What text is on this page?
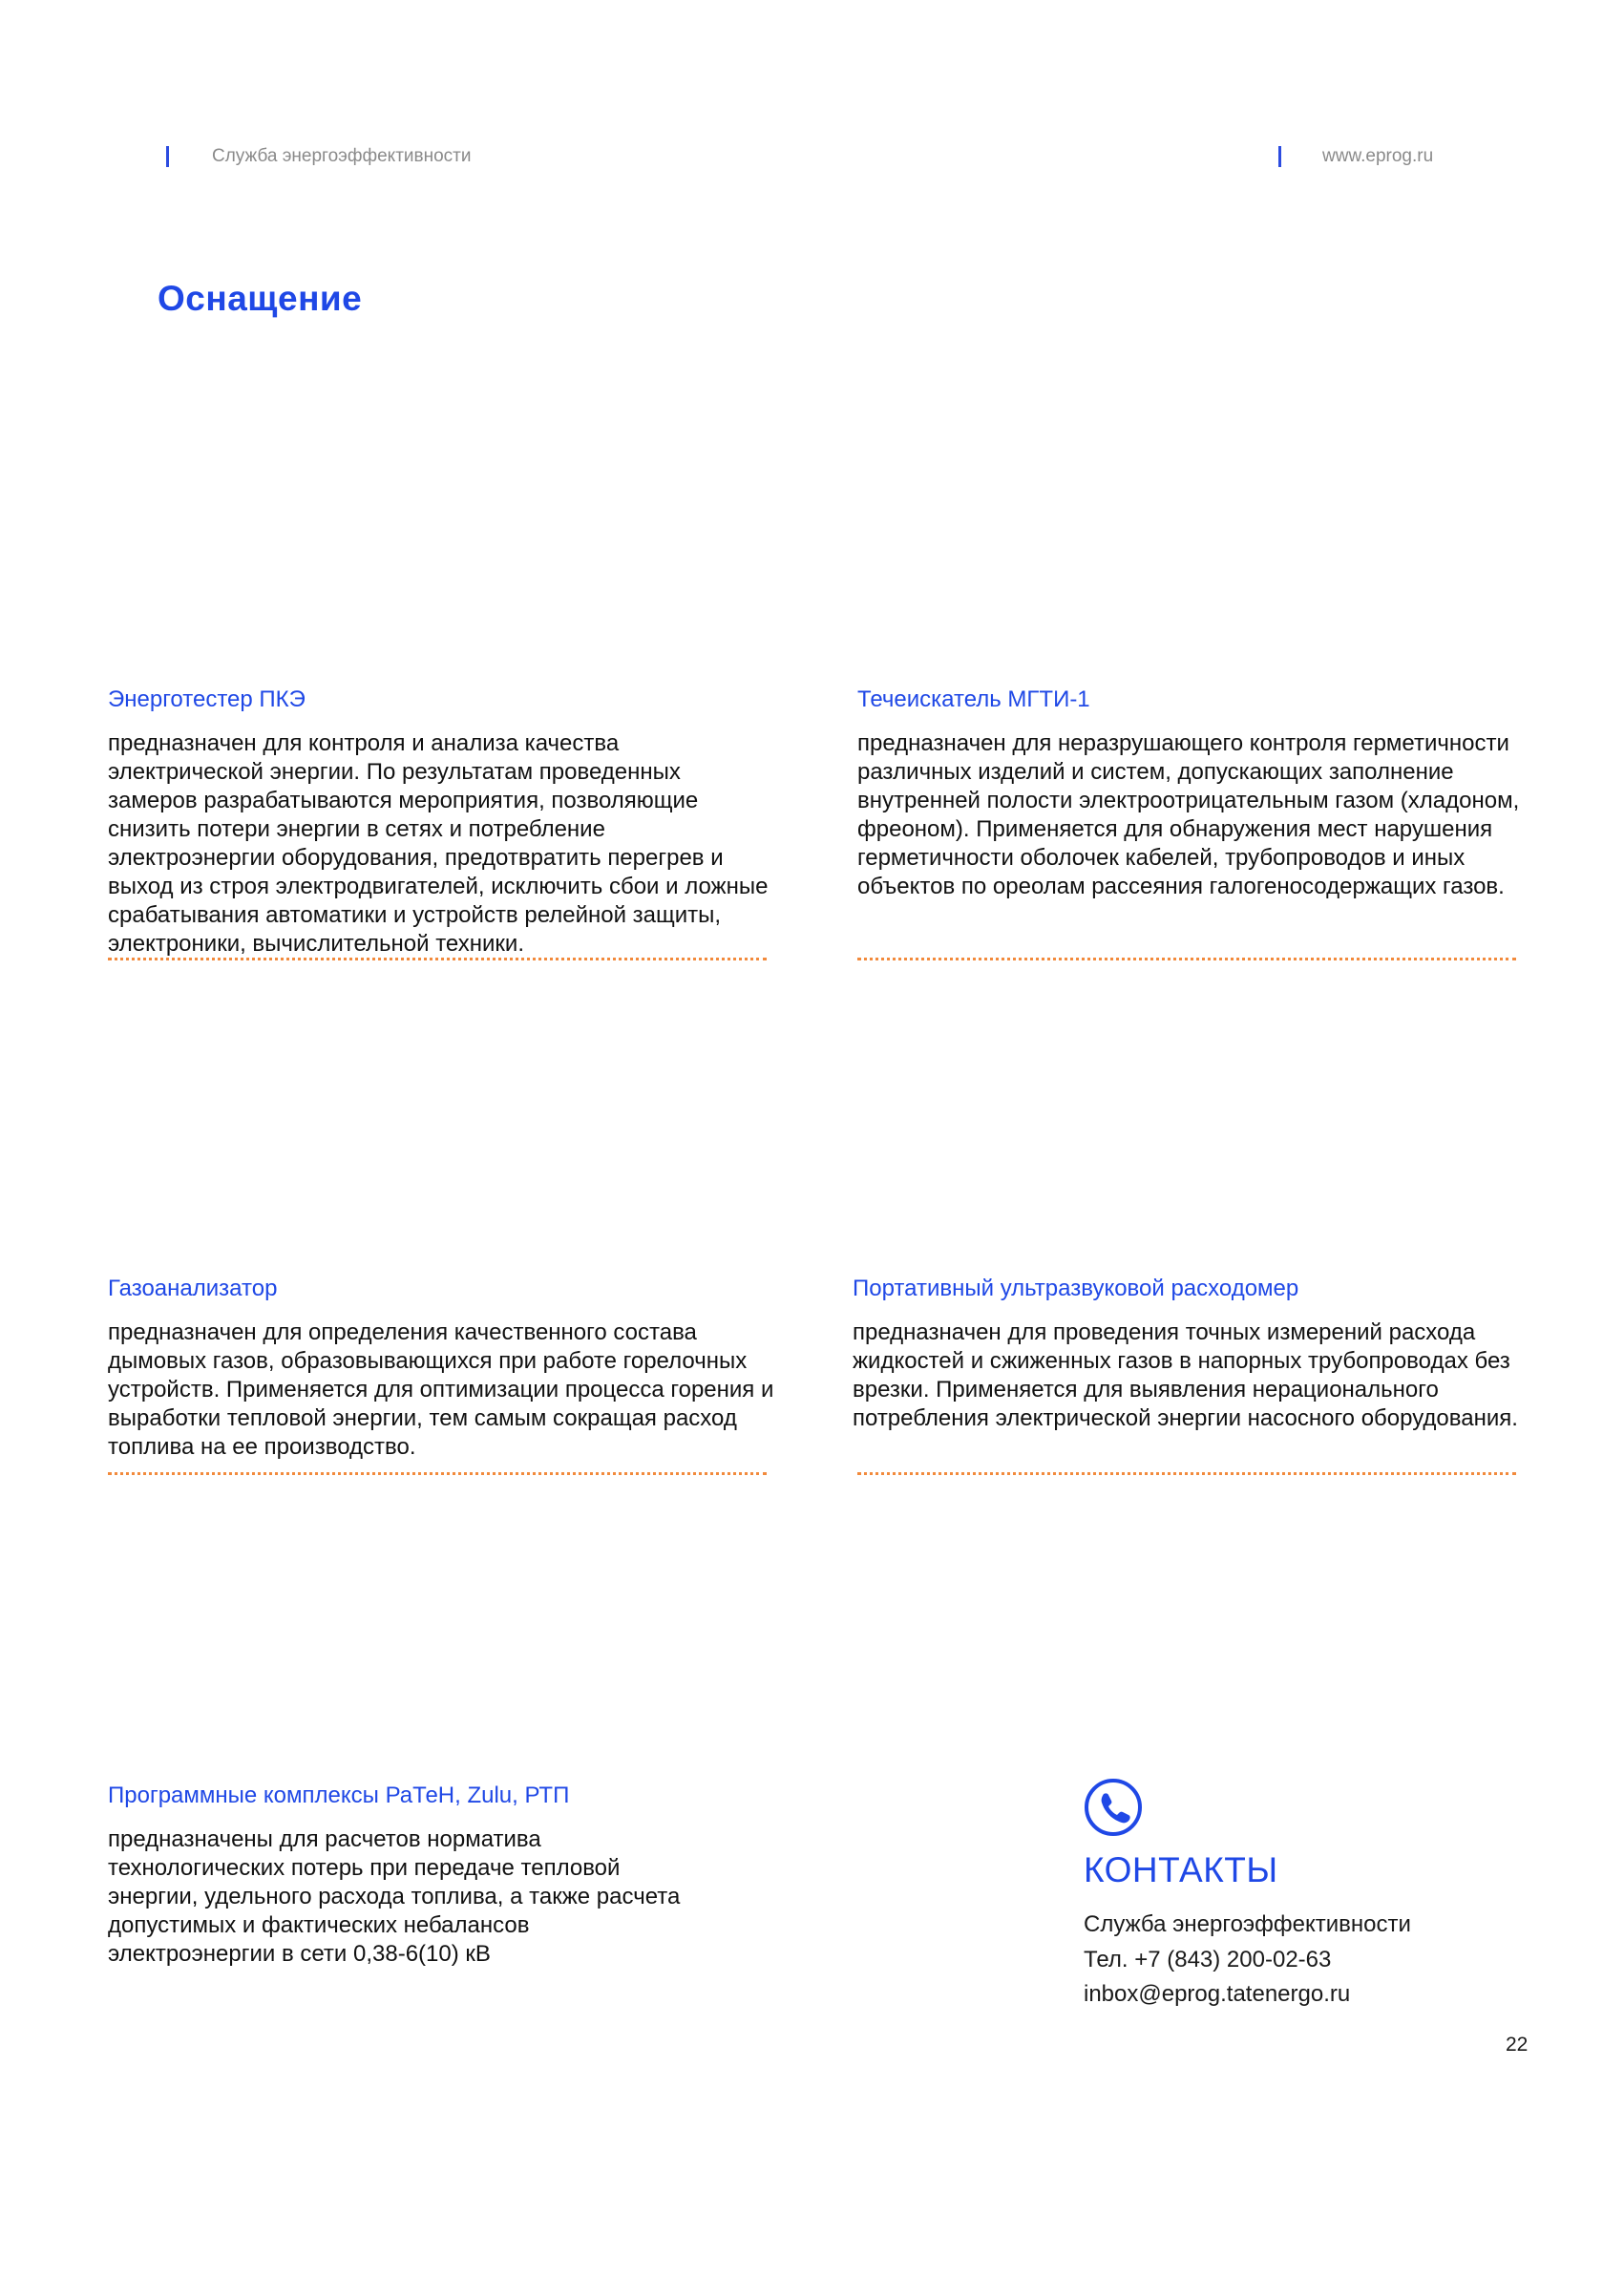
Служба энергоэффективности	www.eprog.ru
Оснащение
Энерготестер ПКЭ

предназначен для контроля и анализа качества электрической энергии. По результатам проведенных замеров разрабатываются мероприятия, позволяющие снизить потери энергии в сетях и потребление электроэнергии оборудования, предотвратить перегрев и выход из строя электродвигателей, исключить сбои и ложные срабатывания автоматики и устройств релейной защиты, электроники, вычислительной техники.

Течеискатель МГТИ-1

предназначен для неразрушающего контроля герметичности различных изделий и систем, допускающих заполнение внутренней полости электроотрицательным газом (хладоном, фреоном). Применяется для обнаружения мест нарушения герметичности оболочек кабелей, трубопроводов и иных объектов по ореолам рассеяния галогеносодержащих газов.

Газоанализатор

предназначен для определения качественного состава дымовых газов, образовывающихся при работе горелочных устройств. Применяется для оптимизации процесса горения и выработки тепловой энергии, тем самым сокращая расход топлива на ее производство.

Портативный ультразвуковой расходомер

предназначен для проведения точных измерений расхода жидкостей и сжиженных газов в напорных трубопроводах без врезки. Применяется для выявления нерационального потребления электрической энергии насосного оборудования.

Программные комплексы РаТеН, Zulu, РТП

предназначены для расчетов норматива технологических потерь при передаче тепловой энергии, удельного расхода топлива, а также расчета допустимых и фактических небалансов электроэнергии в сети 0,38-6(10) кВ

КОНТАКТЫ
Служба энергоэффективности
Тел. +7 (843) 200-02-63
inbox@eprog.tatenergo.ru
22
